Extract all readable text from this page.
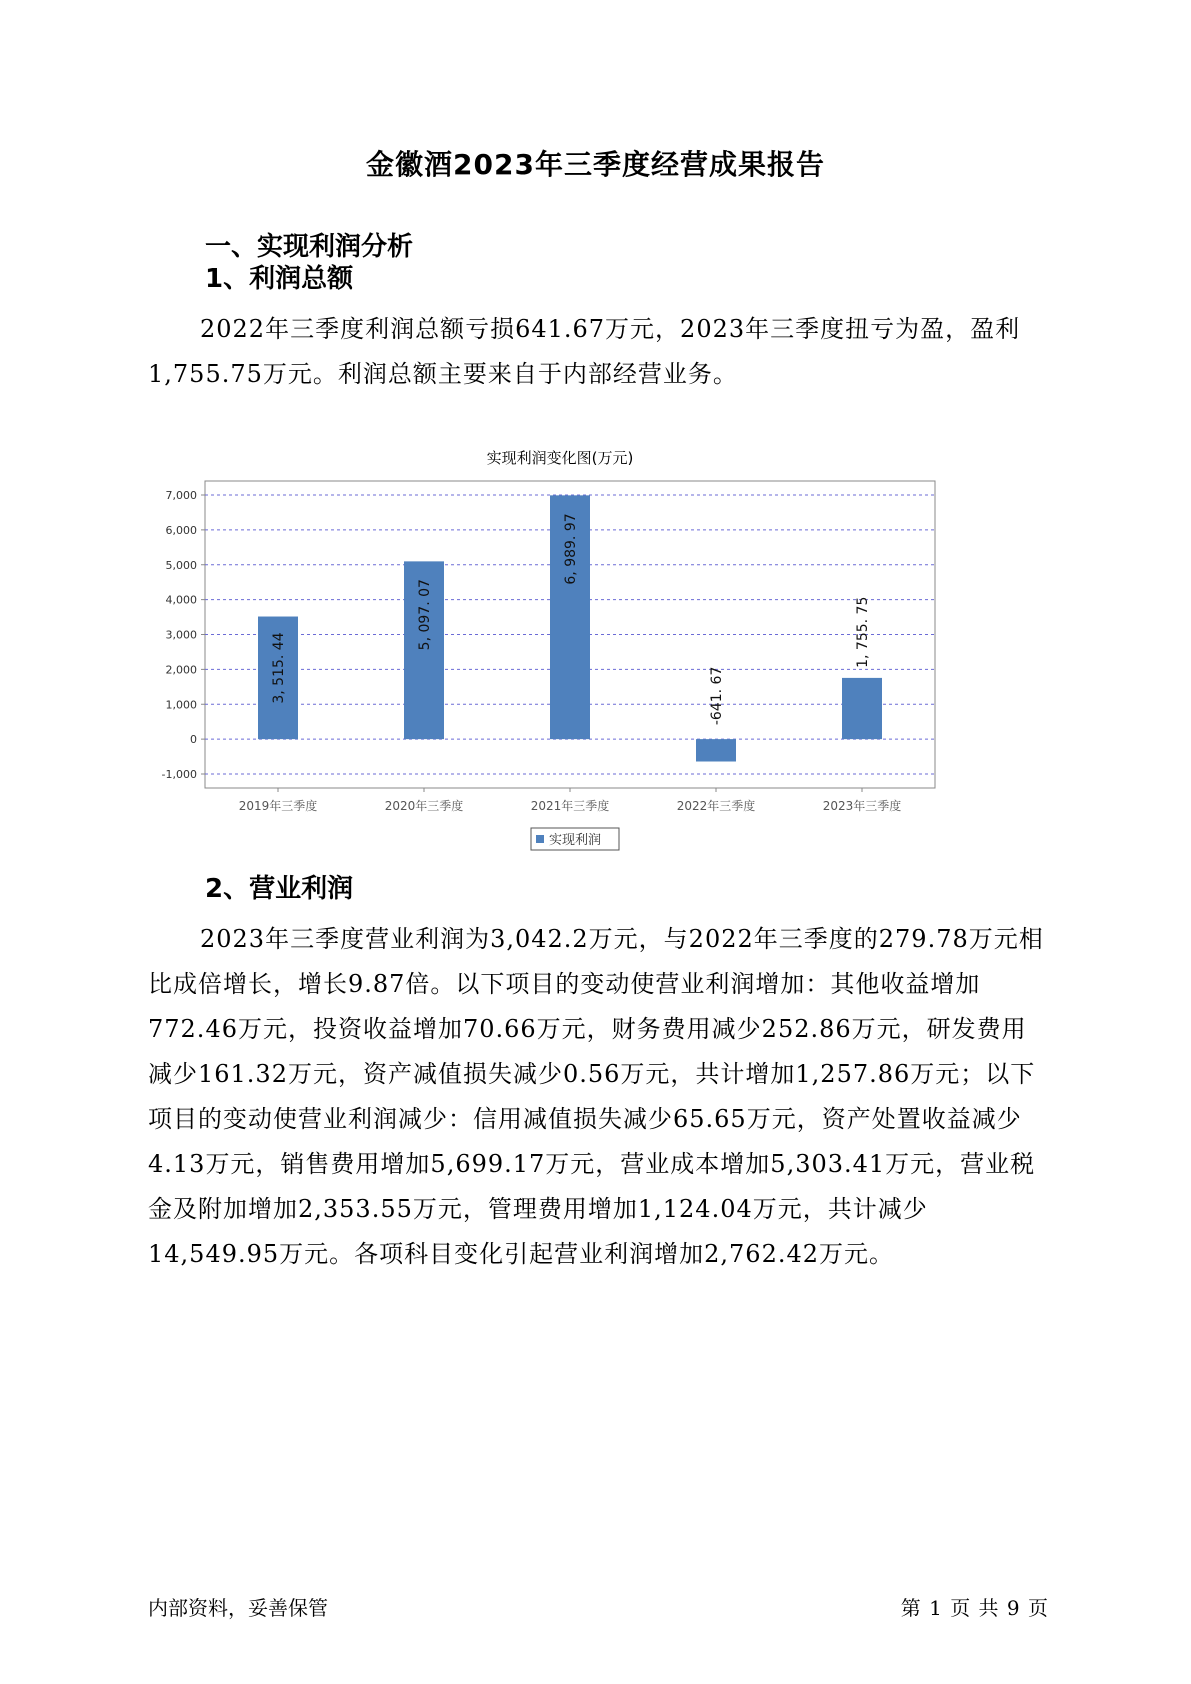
金徽酒2023年三季度经营成果报告
一、实现利润分析
1、利润总额

2022年三季度利润总额亏损641.67万元，2023年三季度扭亏为盈，盈利1,755.75万元。利润总额主要来自于内部经营业务。

实现利润变化图(万元)
7,000
6,000
5,000
4,000
3,000
2,000
1,000
0
-1,000
2019年三季度
3, 515. 44
2020年三季度
5, 097. 07
2021年三季度
6, 989. 97
2022年三季度
-641. 67
2023年三季度
1, 755. 75
实现利润
2、营业利润

2023年三季度营业利润为3,042.2万元，与2022年三季度的279.78万元相比成倍增长，增长9.87倍。以下项目的变动使营业利润增加：其他收益增加772.46万元，投资收益增加70.66万元，财务费用减少252.86万元，研发费用减少161.32万元，资产减值损失减少0.56万元，共计增加1,257.86万元；以下项目的变动使营业利润减少：信用减值损失减少65.65万元，资产处置收益减少4.13万元，销售费用增加5,699.17万元，营业成本增加5,303.41万元，营业税金及附加增加2,353.55万元，管理费用增加1,124.04万元，共计减少14,549.95万元。各项科目变化引起营业利润增加2,762.42万元。

内部资料，妥善保管	第 1 页 共 9 页
